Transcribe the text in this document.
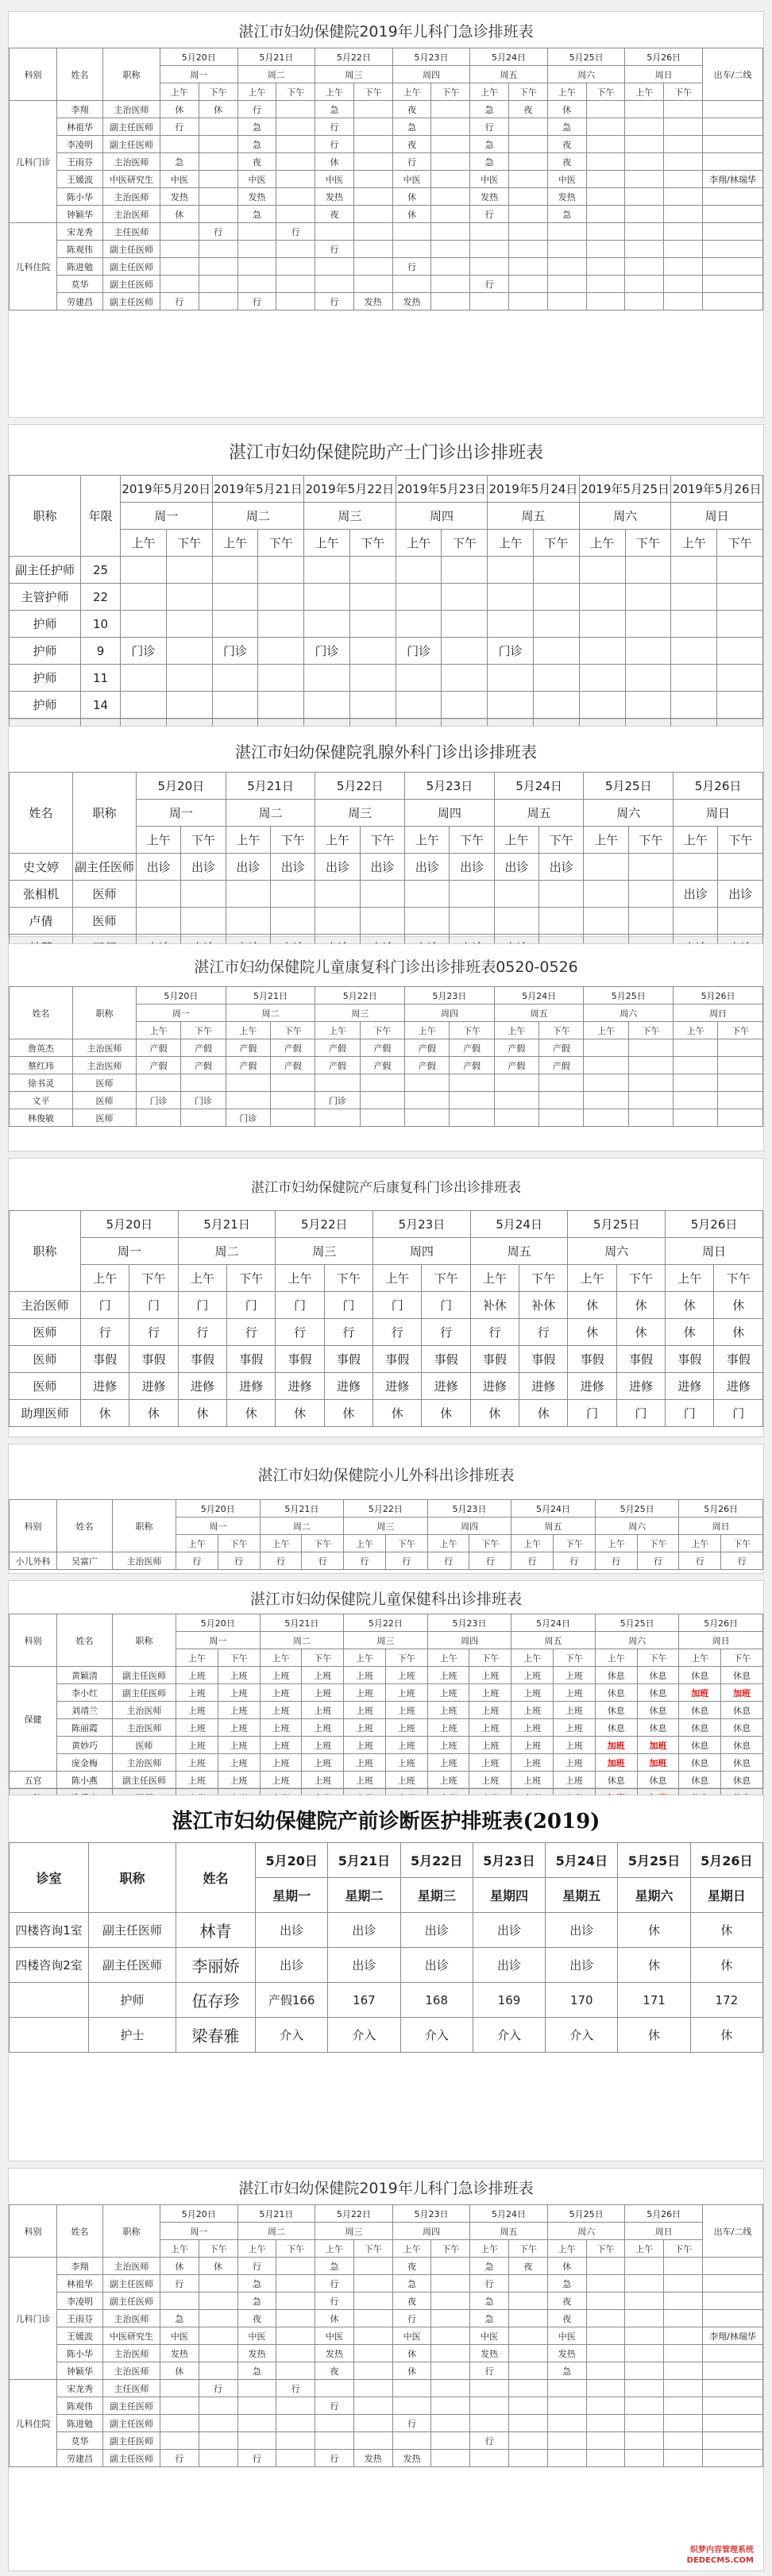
湛江市妇幼保健院2019年儿科门急诊排班表
科别	姓名	职称	5月20日		5月21日		5月22日		5月23日		5月24日		5月25日		5月26日		出车/二线
			周一		周二		周三		周四		周五		周六		周日		
			上午	下午	上午	下午	上午	下午	上午	下午	上午	下午	上午	下午	上午	下午	
儿科门诊	李翔	主治医师	休	休	行		急		夜		急	夜	休				
	林祖华	副主任医师	行		急		行		急		行		急				
	李凌明	副主任医师			急		行		夜		急		夜				
	王雨芬	主治医师	急		夜		休		行		急		夜				
	王媛波	中医研究生	中医		中医		中医		中医		中医		中医				李翔/林瑞华
	陈小华	主治医师	发热		发热		发热		休		发热		发热				
	钟颖华	主治医师	休		急		夜		休		行		急				
儿科住院	宋龙秀	主任医师		行		行											
	陈观伟	副主任医师					行										
	陈进勉	副主任医师							行								
	莫华	副主任医师									行						
	劳建昌	副主任医师	行		行		行	发热	发热								
湛江市妇幼保健院助产士门诊出诊排班表
职称	年限	2019年5月20日		2019年5月21日		2019年5月22日		2019年5月23日		2019年5月24日		2019年5月25日		2019年5月26日	
		周一		周二		周三		周四		周五		周六		周日	
		上午	下午	上午	下午	上午	下午	上午	下午	上午	下午	上午	下午	上午	下午
副主任护师	25														
主管护师	22														
护师	10														
护师	9	门诊		门诊		门诊		门诊		门诊					
护师	11														
护师	14														

湛江市妇幼保健院乳腺外科门诊出诊排班表
姓名	职称	5月20日		5月21日		5月22日		5月23日		5月24日		5月25日		5月26日	
		周一		周二		周三		周四		周五		周六		周日	
		上午	下午	上午	下午	上午	下午	上午	下午	上午	下午	上午	下午	上午	下午
史文婷	副主任医师	出诊	出诊	出诊	出诊	出诊	出诊	出诊	出诊	出诊	出诊				
张相机	医师													出诊	出诊
卢倩	医师														

湛江市妇幼保健院儿童康复科门诊出诊排班表0520-0526
姓名	职称	5月20日		5月21日		5月22日		5月23日		5月24日		5月25日		5月26日	
		周一		周二		周三		周四		周五		周六		周日	
		上午	下午	上午	下午	上午	下午	上午	下午	上午	下午	上午	下午	上午	下午
詹英杰	主治医师	产假	产假	产假	产假	产假	产假	产假	产假	产假	产假				
蔡红玮	主治医师	产假	产假	产假	产假	产假	产假	产假	产假	产假	产假				
徐书灵	医师														
文平	医师	门诊	门诊			门诊									
林俊敏	医师			门诊											
湛江市妇幼保健院产后康复科门诊出诊排班表
职称	5月20日		5月21日		5月22日		5月23日		5月24日		5月25日		5月26日	
	周一		周二		周三		周四		周五		周六		周日	
	上午	下午	上午	下午	上午	下午	上午	下午	上午	下午	上午	下午	上午	下午
主治医师	门	门	门	门	门	门	门	门	补休	补休	休	休	休	休
医师	行	行	行	行	行	行	行	行	行	行	休	休	休	休
医师	事假	事假	事假	事假	事假	事假	事假	事假	事假	事假	事假	事假	事假	事假
医师	进修	进修	进修	进修	进修	进修	进修	进修	进修	进修	进修	进修	进修	进修
助理医师	休	休	休	休	休	休	休	休	休	休	门	门	门	门
湛江市妇幼保健院小儿外科出诊排班表
科别	姓名	职称	5月20日		5月21日		5月22日		5月23日		5月24日		5月25日		5月26日	
			周一		周二		周三		周四		周五		周六		周日	
			上午	下午	上午	下午	上午	下午	上午	下午	上午	下午	上午	下午	上午	下午
小儿外科	吴富广	主治医师	行	行	行	行	行	行	行	行	行	行	行	行	行	行
湛江市妇幼保健院儿童保健科出诊排班表
科别	姓名	职称	5月20日		5月21日		5月22日		5月23日		5月24日		5月25日		5月26日	
			周一		周二		周三		周四		周五		周六		周日	
			上午	下午	上午	下午	上午	下午	上午	下午	上午	下午	上午	下午	上午	下午
保健	黄颖清	副主任医师	上班	上班	上班	上班	上班	上班	上班	上班	上班	上班	休息	休息	休息	休息
	李小红	副主任医师	上班	上班	上班	上班	上班	上班	上班	上班	上班	上班	休息	休息	加班	加班
	刘靖兰	主治医师	上班	上班	上班	上班	上班	上班	上班	上班	上班	上班	休息	休息	休息	休息
	陈丽霞	主治医师	上班	上班	上班	上班	上班	上班	上班	上班	上班	上班	休息	休息	休息	休息
	黄妙巧	医师	上班	上班	上班	上班	上班	上班	上班	上班	上班	上班	加班	加班	休息	休息
	庞金梅	主治医师	上班	上班	上班	上班	上班	上班	上班	上班	上班	上班	加班	加班	休息	休息
五官	陈小燕	副主任医师	上班	上班	上班	上班	上班	上班	上班	上班	上班	上班	休息	休息	休息	休息

湛江市妇幼保健院产前诊断医护排班表(2019)
诊室	职称	姓名	5月20日	5月21日	5月22日	5月23日	5月24日	5月25日	5月26日
			星期一	星期二	星期三	星期四	星期五	星期六	星期日
四楼咨询1室	副主任医师	林青	出诊	出诊	出诊	出诊	出诊	休	休
四楼咨询2室	副主任医师	李丽娇	出诊	出诊	出诊	出诊	出诊	休	休
	护师	伍存珍	产假166	167	168	169	170	171	172
	护士	梁春雅	介入	介入	介入	介入	介入	休	休
湛江市妇幼保健院2019年儿科门急诊排班表
科别	姓名	职称	5月20日		5月21日		5月22日		5月23日		5月24日		5月25日		5月26日		出车/二线
			周一		周二		周三		周四		周五		周六		周日		
			上午	下午	上午	下午	上午	下午	上午	下午	上午	下午	上午	下午	上午	下午	
儿科门诊	李翔	主治医师	休	休	行		急		夜		急	夜	休				
	林祖华	副主任医师	行		急		行		急		行		急				
	李凌明	副主任医师			急		行		夜		急		夜				
	王雨芬	主治医师	急		夜		休		行		急		夜				
	王媛波	中医研究生	中医		中医		中医		中医		中医		中医				李翔/林瑞华
	陈小华	主治医师	发热		发热		发热		休		发热		发热				
	钟颖华	主治医师	休		急		夜		休		行		急				
儿科住院	宋龙秀	主任医师		行		行											
	陈观伟	副主任医师					行										
	陈进勉	副主任医师							行								
	莫华	副主任医师									行						
	劳建昌	副主任医师	行		行		行	发热	发热								
织梦内容管理系统
DEDECMS.COM
